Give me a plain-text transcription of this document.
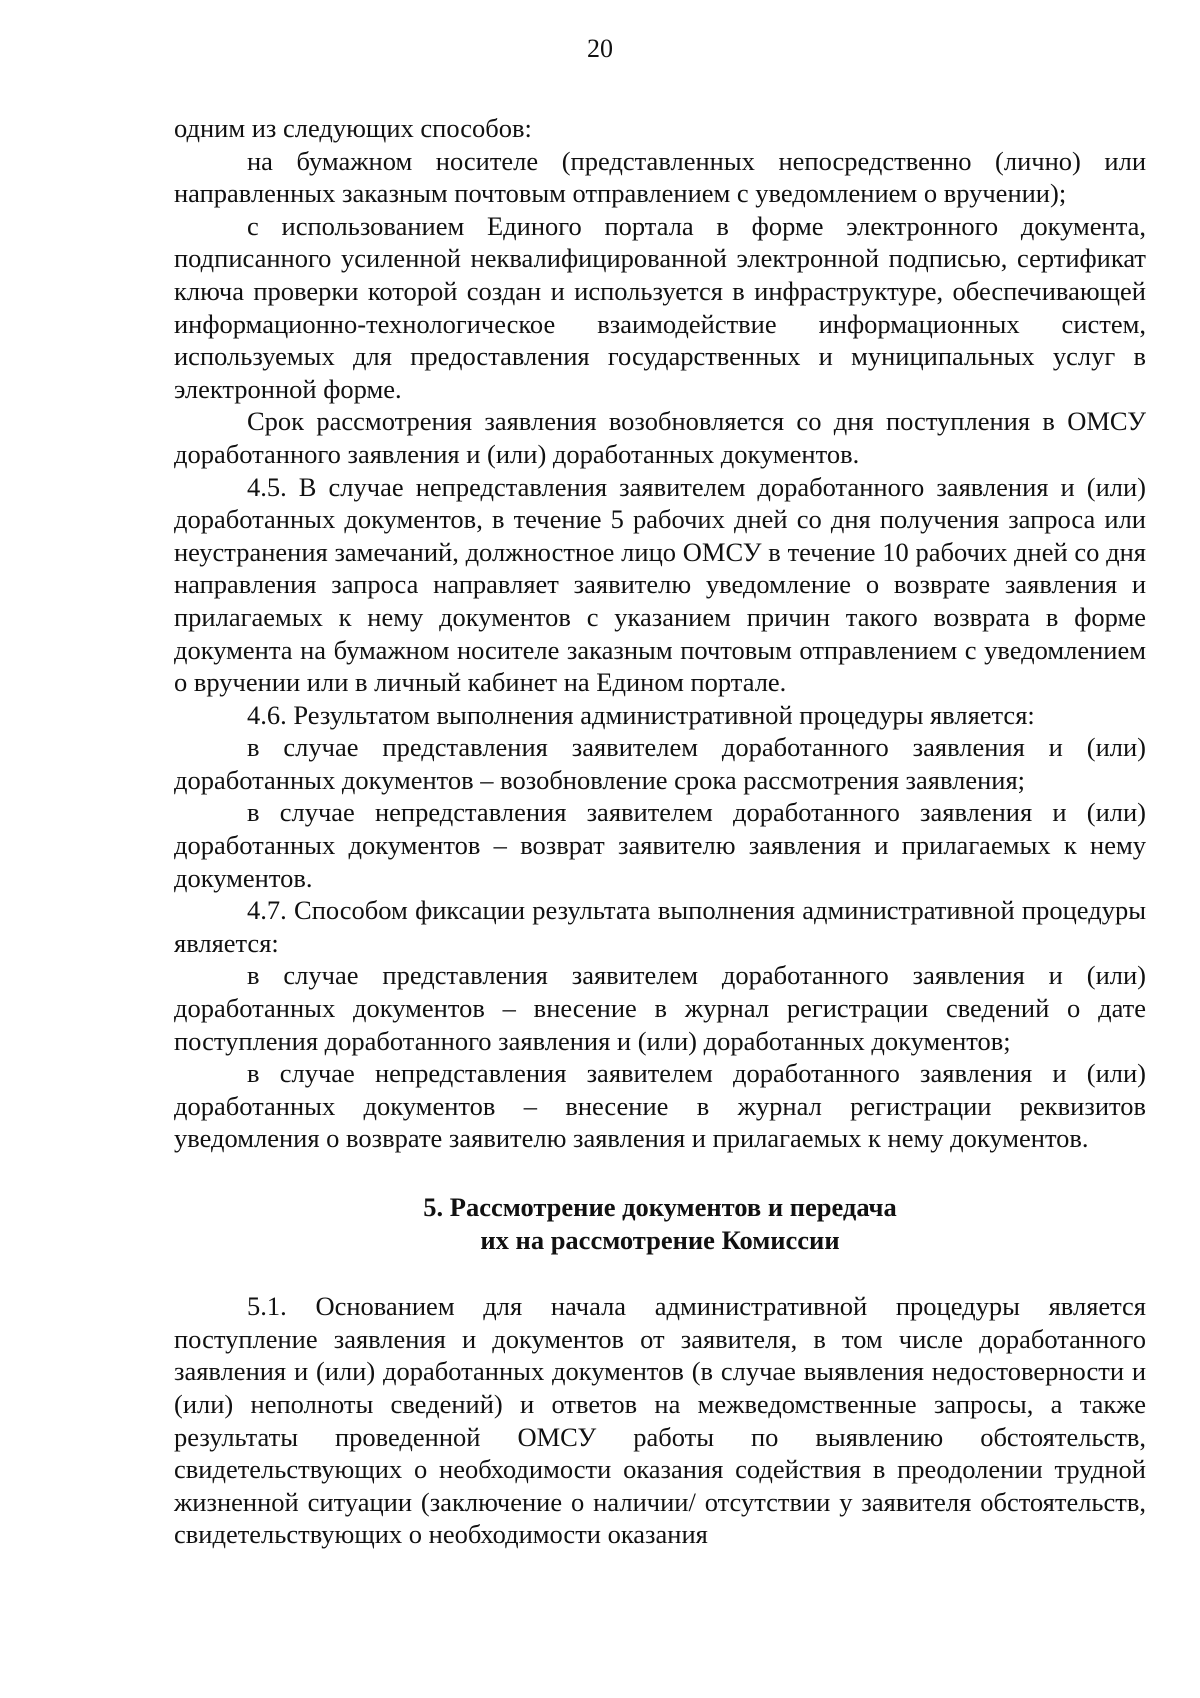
20

одним из следующих способов:

на бумажном носителе (представленных непосредственно (лично) или направленных заказным почтовым отправлением с уведомлением о вручении);

с использованием Единого портала в форме электронного документа, подписанного усиленной неквалифицированной электронной подписью, сертификат ключа проверки которой создан и используется в инфраструктуре, обеспечивающей информационно-технологическое взаимодействие информационных систем, используемых для предоставления государственных и муниципальных услуг в электронной форме.

Срок рассмотрения заявления возобновляется со дня поступления в ОМСУ доработанного заявления и (или) доработанных документов.

4.5. В случае непредставления заявителем доработанного заявления и (или) доработанных документов, в течение 5 рабочих дней со дня получения запроса или неустранения замечаний, должностное лицо ОМСУ в течение 10 рабочих дней со дня направления запроса направляет заявителю уведомление о возврате заявления и прилагаемых к нему документов с указанием причин такого возврата в форме документа на бумажном носителе заказным почтовым отправлением с уведомлением о вручении или в личный кабинет на Едином портале.

4.6. Результатом выполнения административной процедуры является:

в случае представления заявителем доработанного заявления и (или) доработанных документов – возобновление срока рассмотрения заявления;

в случае непредставления заявителем доработанного заявления и (или) доработанных документов – возврат заявителю заявления и прилагаемых к нему документов.

4.7. Способом фиксации результата выполнения административной процедуры является:

в случае представления заявителем доработанного заявления и (или) доработанных документов – внесение в журнал регистрации сведений о дате поступления доработанного заявления и (или) доработанных документов;

в случае непредставления заявителем доработанного заявления и (или) доработанных документов – внесение в журнал регистрации реквизитов уведомления о возврате заявителю заявления и прилагаемых к нему документов.

5. Рассмотрение документов и передача
их на рассмотрение Комиссии

5.1. Основанием для начала административной процедуры является поступление заявления и документов от заявителя, в том числе доработанного заявления и (или) доработанных документов (в случае выявления недостоверности и (или) неполноты сведений) и ответов на межведомственные запросы, а также результаты проведенной ОМСУ работы по выявлению обстоятельств, свидетельствующих о необходимости оказания содействия в преодолении трудной жизненной ситуации (заключение о наличии/ отсутствии у заявителя обстоятельств, свидетельствующих о необходимости оказания
